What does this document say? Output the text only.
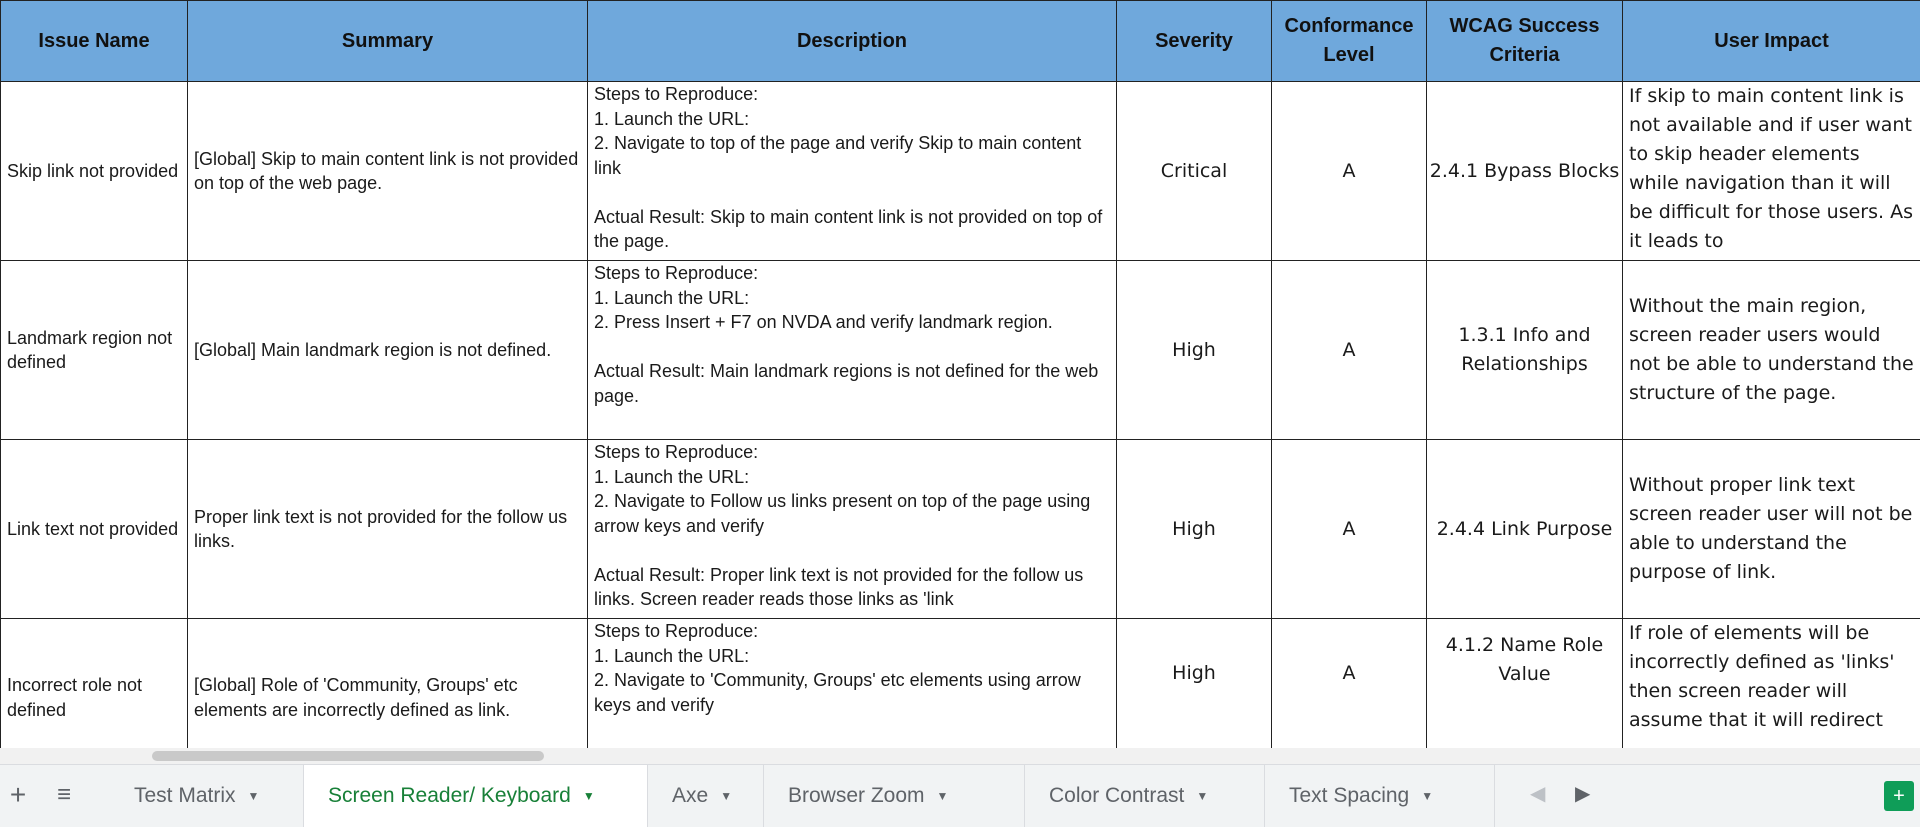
Issue Name	Summary	Description	Severity	Conformance Level	WCAG Success Criteria	User Impact
Skip link not provided	[Global] Skip to main content link is not provided on top of the web page.	Steps to Reproduce:
1. Launch the URL:
2. Navigate to top of the page and verify Skip to main content link

Actual Result: Skip to main content link is not provided on top of the page.	Critical	A	2.4.1 Bypass Blocks	If skip to main content link is not available and if user want to skip header elements while navigation than it will be difficult for those users. As it leads to

Landmark region not defined	[Global] Main landmark region is not defined.	Steps to Reproduce:
1. Launch the URL:
2. Press Insert + F7 on NVDA and verify landmark region.

Actual Result: Main landmark regions is not defined for the web page.	High	A	1.3.1 Info and Relationships	Without the main region, screen reader users would not be able to understand the structure of the page.

Link text not provided	Proper link text is not provided for the follow us links.	Steps to Reproduce:
1. Launch the URL:
2. Navigate to Follow us links present on top of the page using arrow keys and verify

Actual Result: Proper link text is not provided for the follow us links. Screen reader reads those links as 'link	High	A	2.4.4 Link Purpose	Without proper link text screen reader user will not be able to understand the purpose of link.

Incorrect role not defined	[Global] Role of 'Community, Groups' etc elements are incorrectly defined as link.	Steps to Reproduce:
1. Launch the URL:
2. Navigate to 'Community, Groups' etc elements using arrow keys and verify	High	A	4.1.2 Name Role Value	If role of elements will be incorrectly defined as 'links' then screen reader will assume that it will redirect
+	≡	Test Matrix ▼	Screen Reader/ Keyboard ▼	Axe ▼	Browser Zoom ▼	Color Contrast ▼	Text Spacing ▼	◀ ▶	+
